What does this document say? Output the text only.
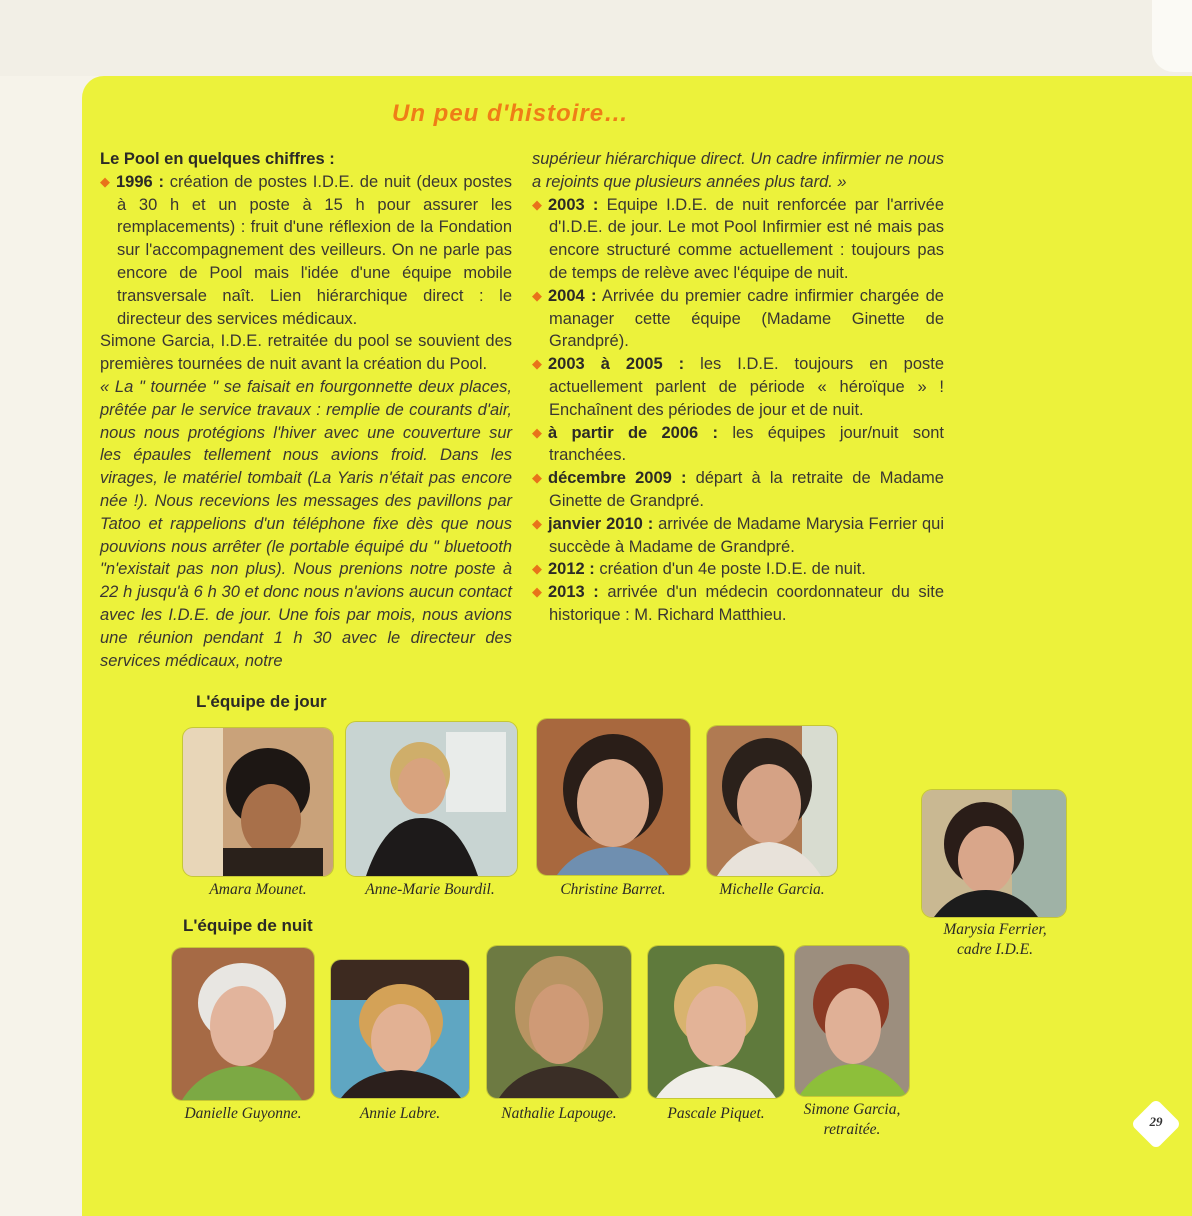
Un peu d'histoire…

Le Pool en quelques chiffres :

◆ 1996 : création de postes I.D.E. de nuit (deux postes à 30 h et un poste à 15 h pour assurer les remplacements) : fruit d'une réflexion de la Fondation sur l'accompagnement des veilleurs. On ne parle pas encore de Pool mais l'idée d'une équipe mobile transversale naît. Lien hiérarchique direct : le directeur des services médicaux.

Simone Garcia, I.D.E. retraitée du pool se souvient des premières tournées de nuit avant la création du Pool.

« La " tournée " se faisait en fourgonnette deux places, prêtée par le service travaux : remplie de courants d'air, nous nous protégions l'hiver avec une couverture sur les épaules tellement nous avions froid. Dans les virages, le matériel tombait (La Yaris n'était pas encore née !). Nous recevions les messages des pavillons par Tatoo et rappelions d'un téléphone fixe dès que nous pouvions nous arrêter (le portable équipé du " bluetooth "n'existait pas non plus). Nous prenions notre poste à 22 h jusqu'à 6 h 30 et donc nous n'avions aucun contact avec les I.D.E. de jour. Une fois par mois, nous avions une réunion pendant 1 h 30 avec le directeur des services médicaux, notre

supérieur hiérarchique direct. Un cadre infirmier ne nous a rejoints que plusieurs années plus tard. »

◆ 2003 : Equipe I.D.E. de nuit renforcée par l'arrivée d'I.D.E. de jour. Le mot Pool Infirmier est né mais pas encore structuré comme actuellement : toujours pas de temps de relève avec l'équipe de nuit.

◆ 2004 : Arrivée du premier cadre infirmier chargée de manager cette équipe (Madame Ginette de Grandpré).

◆ 2003 à 2005 : les I.D.E. toujours en poste actuellement parlent de période « héroïque » ! Enchaînent des périodes de jour et de nuit.

◆ à partir de 2006 : les équipes jour/nuit sont tranchées.

◆ décembre 2009 : départ à la retraite de Madame Ginette de Grandpré.

◆ janvier 2010 : arrivée de Madame Marysia Ferrier qui succède à Madame de Grandpré.

◆ 2012 : création d'un 4e poste I.D.E. de nuit.

◆ 2013 : arrivée d'un médecin coordonnateur du site historique : M. Richard Matthieu.

L'équipe de jour
Amara Mounet.	Anne-Marie Bourdil.	Christine Barret.	Michelle Garcia.
Marysia Ferrier,
cadre I.D.E.
L'équipe de nuit
Danielle Guyonne.	Annie Labre.	Nathalie Lapouge.	Pascale Piquet.	Simone Garcia,
retraitée.	29
